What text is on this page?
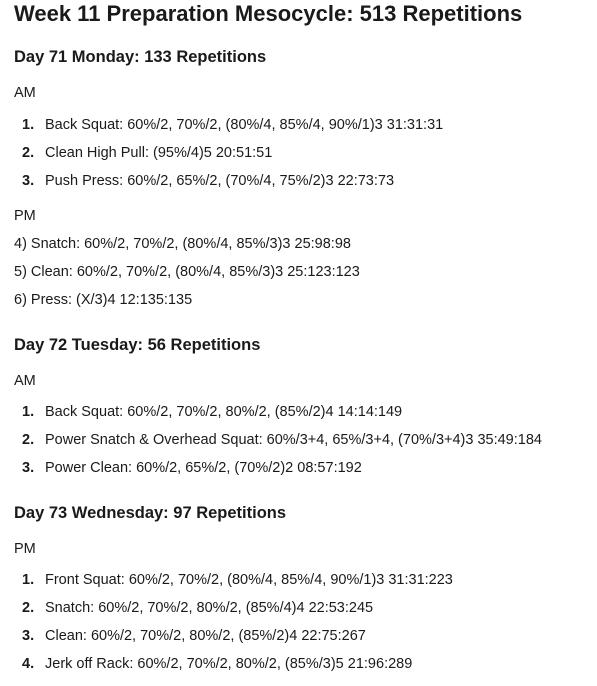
Week 11 Preparation Mesocycle: 513 Repetitions
Day 71 Monday: 133 Repetitions
AM
1. Back Squat: 60%/2, 70%/2, (80%/4, 85%/4, 90%/1)3 31:31:31
2. Clean High Pull: (95%/4)5 20:51:51
3. Push Press: 60%/2, 65%/2, (70%/4, 75%/2)3 22:73:73
PM
4) Snatch: 60%/2, 70%/2, (80%/4, 85%/3)3 25:98:98
5) Clean: 60%/2, 70%/2, (80%/4, 85%/3)3 25:123:123
6) Press: (X/3)4 12:135:135
Day 72 Tuesday: 56 Repetitions
AM
1. Back Squat: 60%/2, 70%/2, 80%/2, (85%/2)4 14:14:149
2. Power Snatch & Overhead Squat: 60%/3+4, 65%/3+4, (70%/3+4)3 35:49:184
3. Power Clean: 60%/2, 65%/2, (70%/2)2 08:57:192
Day 73 Wednesday: 97 Repetitions
PM
1. Front Squat: 60%/2, 70%/2, (80%/4, 85%/4, 90%/1)3 31:31:223
2. Snatch: 60%/2, 70%/2, 80%/2, (85%/4)4 22:53:245
3. Clean: 60%/2, 70%/2, 80%/2, (85%/2)4 22:75:267
4. Jerk off Rack: 60%/2, 70%/2, 80%/2, (85%/3)5 21:96:289
